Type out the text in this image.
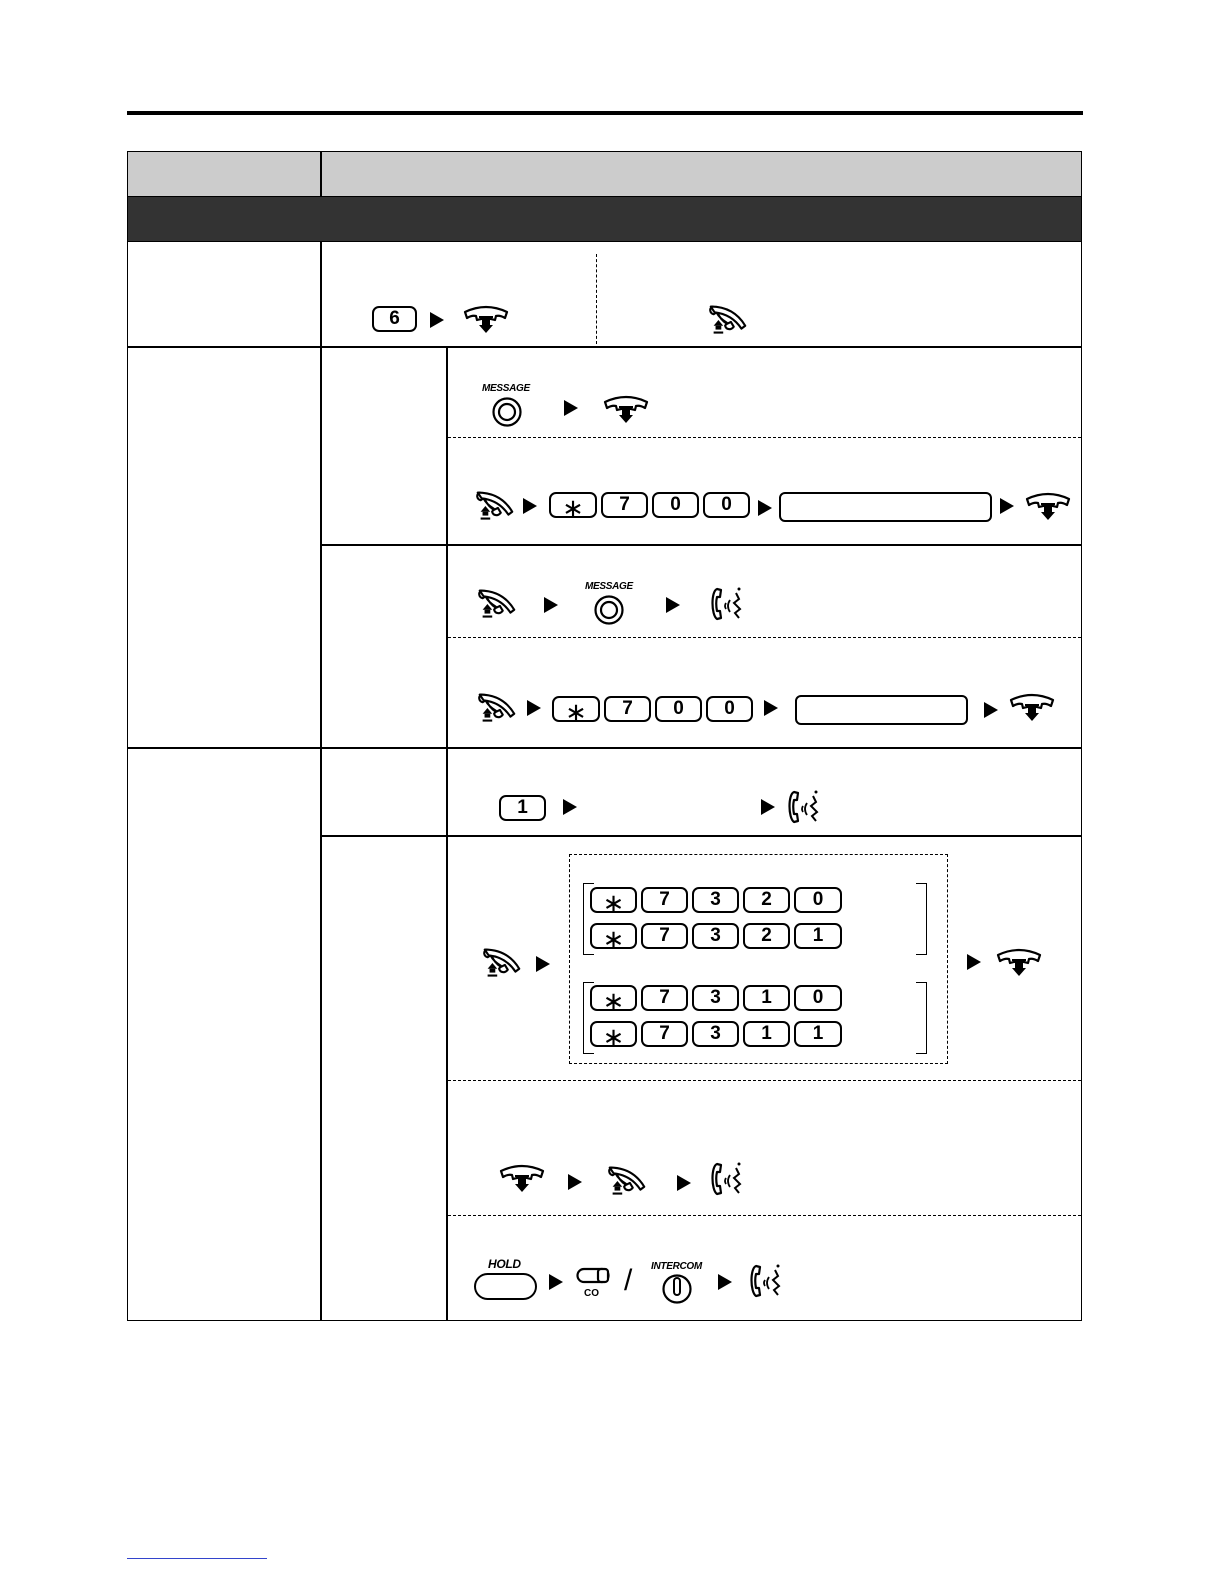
6
MESSAGE
∗	7	0	0
MESSAGE
∗	7	0	0
1
∗	7	3	2	0
∗	7	3	2	1
∗	7	3	1	0
∗	7	3	1	1
HOLD
CO / INTERCOM
